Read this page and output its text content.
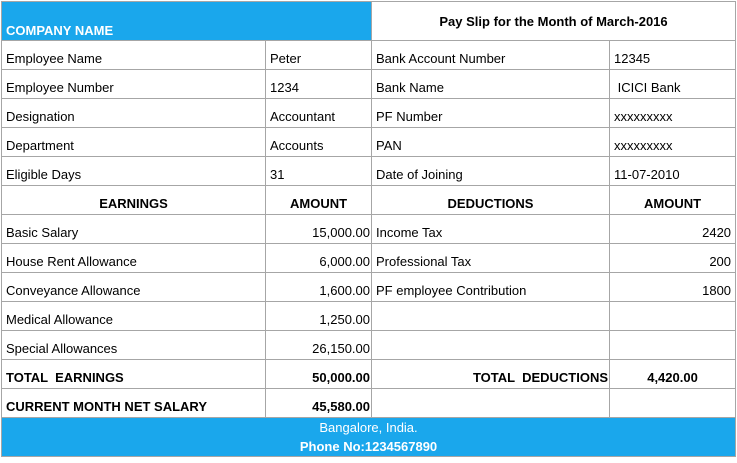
COMPANY NAME		Pay Slip for the Month of March-2016	
Employee Name	Peter	Bank Account Number	12345
Employee Number	1234	Bank Name	ICICI Bank
Designation	Accountant	PF Number	xxxxxxxxx
Department	Accounts	PAN	xxxxxxxxx
Eligible Days	31	Date of Joining	11-07-2010
EARNINGS	AMOUNT	DEDUCTIONS	AMOUNT
Basic Salary	15,000.00	Income Tax	2420
House Rent Allowance	6,000.00	Professional Tax	200
Conveyance Allowance	1,600.00	PF employee Contribution	1800
Medical Allowance	1,250.00		
Special Allowances	26,150.00		
TOTAL  EARNINGS	50,000.00	TOTAL  DEDUCTIONS	4,420.00
CURRENT MONTH NET SALARY	45,580.00		

Bangalore, India.
Phone No:1234567890			
